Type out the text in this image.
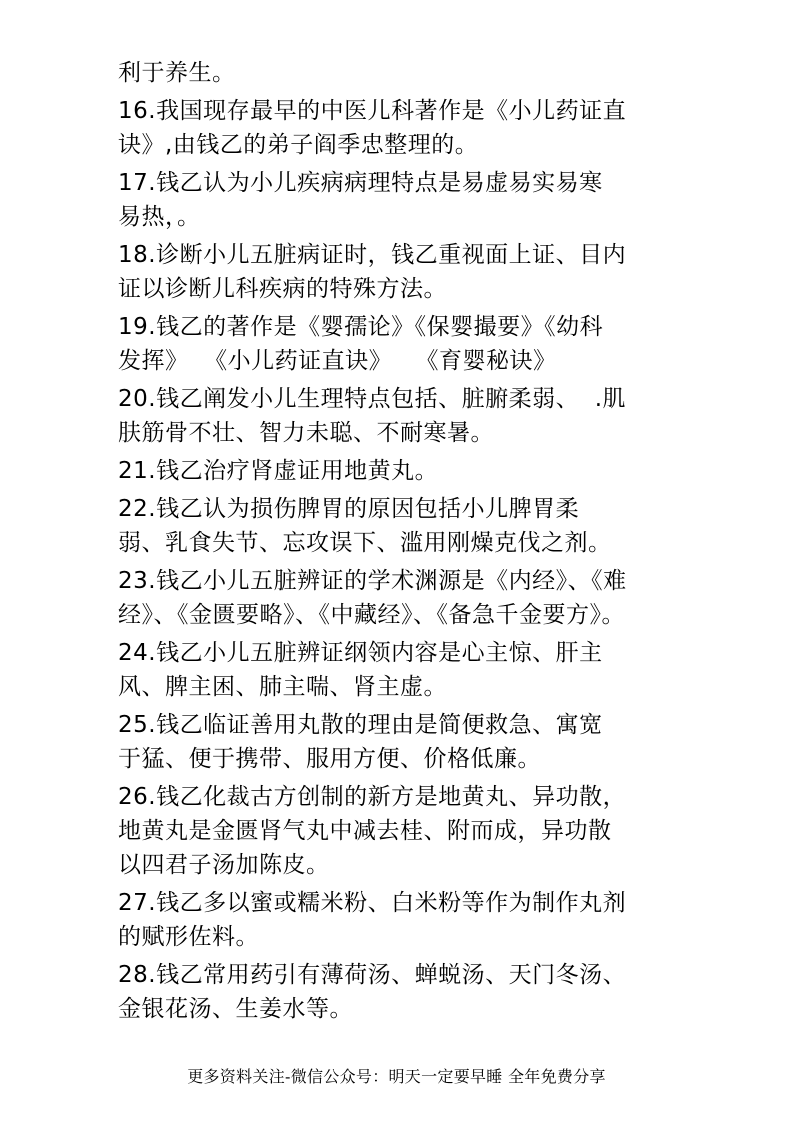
利于养生。

16.我国现存最早的中医儿科著作是《小儿药证直
诀》,由钱乙的弟子阎季忠整理的。

17.钱乙认为小儿疾病病理特点是易虚易实易寒
易热，。

18.诊断小儿五脏病证时，钱乙重视面上证、目内
证以诊断儿科疾病的特殊方法。

19.钱乙的著作是《婴孺论》《保婴撮要》《幼科
发挥》  《小儿药证直诀》   《育婴秘诀》

20.钱乙阐发小儿生理特点包括、脏腑柔弱、  .肌
肤筋骨不壮、智力未聪、不耐寒暑。

21.钱乙治疗肾虚证用地黄丸。

22.钱乙认为损伤脾胃的原因包括小儿脾胃柔
弱、乳食失节、忘攻误下、滥用刚燥克伐之剂。

23.钱乙小儿五脏辨证的学术渊源是《内经》、《难
经》、《金匮要略》、《中藏经》、《备急千金要方》。

24.钱乙小儿五脏辨证纲领内容是心主惊、肝主
风、脾主困、肺主喘、肾主虚。

25.钱乙临证善用丸散的理由是简便救急、寓宽
于猛、便于携带、服用方便、价格低廉。

26.钱乙化裁古方创制的新方是地黄丸、异功散，
地黄丸是金匮肾气丸中减去桂、附而成，异功散
以四君子汤加陈皮。

27.钱乙多以蜜或糯米粉、白米粉等作为制作丸剂
的赋形佐料。

28.钱乙常用药引有薄荷汤、蝉蜕汤、天门冬汤、
金银花汤、生姜水等。

更多资料关注-微信公众号：明天一定要早睡 全年免费分享
